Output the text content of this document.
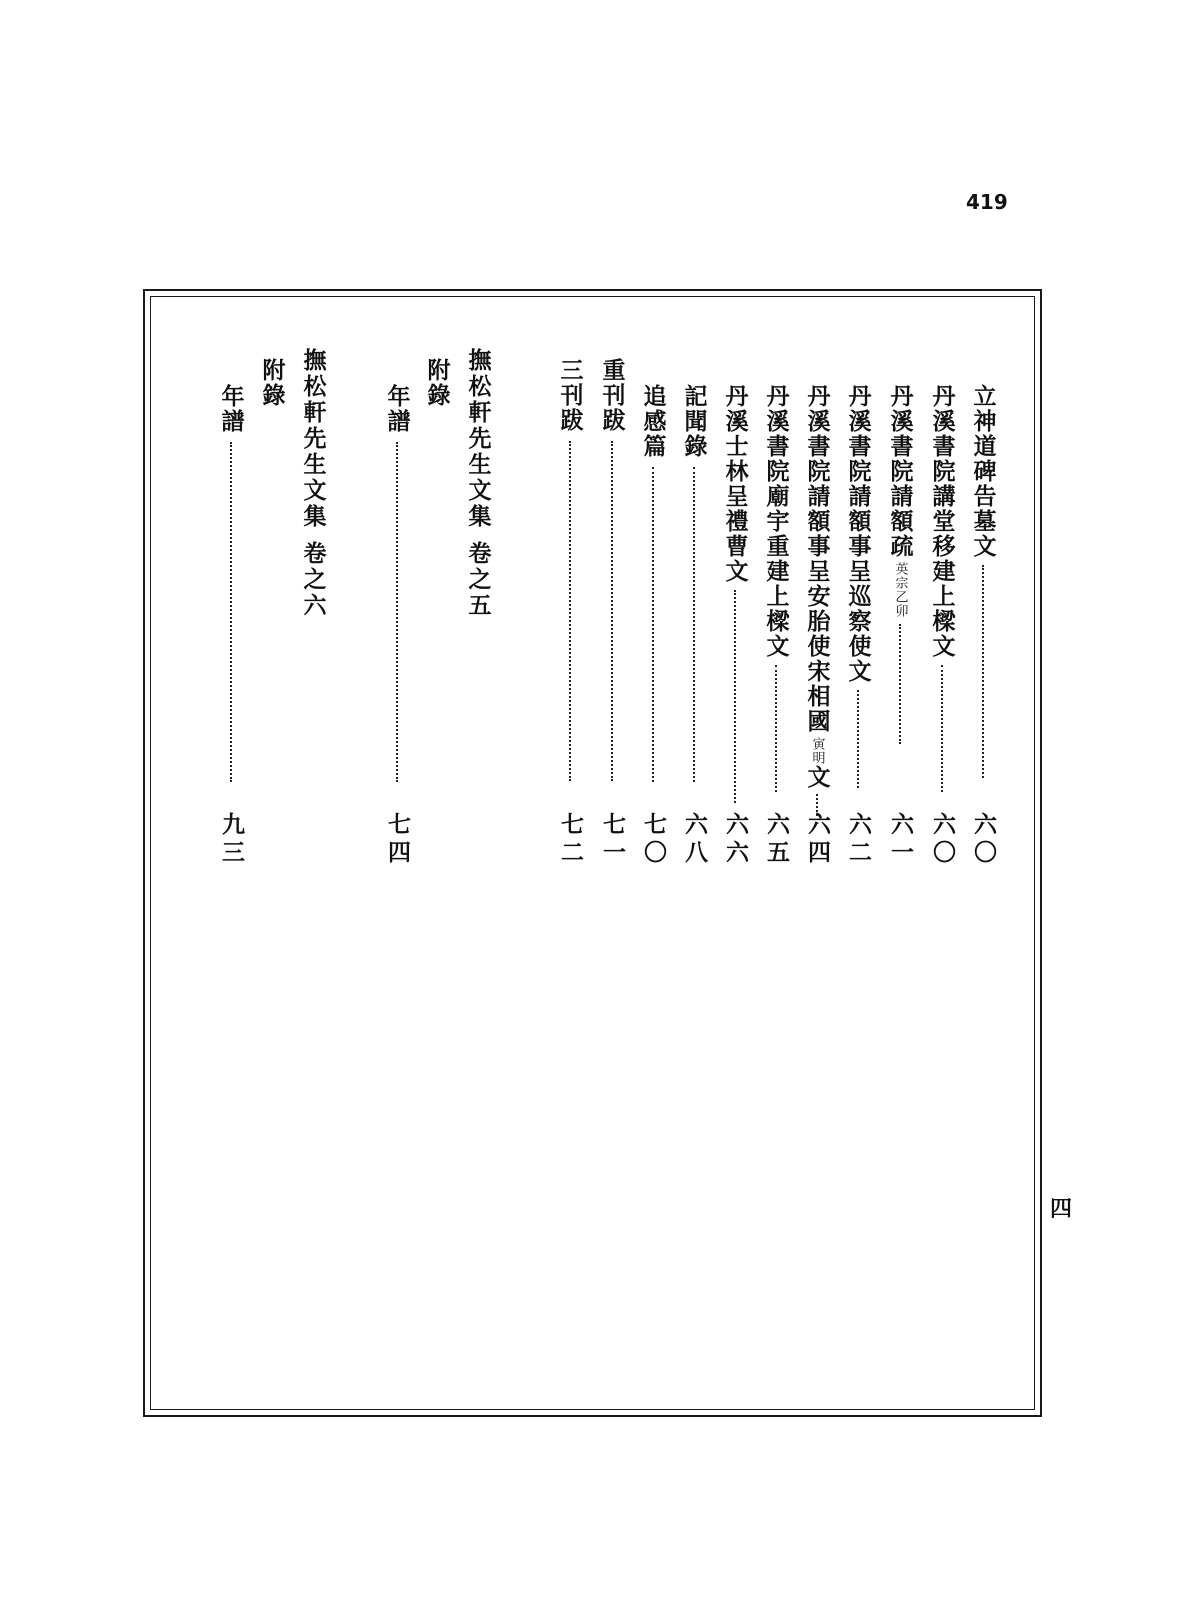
419
立神道碑告墓文
六〇
丹溪書院講堂移建上樑文
六〇
丹溪書院請額疏英宗乙卯
六一
丹溪書院請額事呈巡察使文
六二
丹溪書院請額事呈安胎使宋相國寅明文
六四
丹溪書院廟宇重建上樑文
六五
丹溪士林呈禮曹文
六六
記聞錄
六八
追感篇
七〇
重刊跋
七一
三刊跋
七二
撫松軒先生文集 卷之五
附錄
年譜
七四
撫松軒先生文集 卷之六
附錄
年譜
九三
四
